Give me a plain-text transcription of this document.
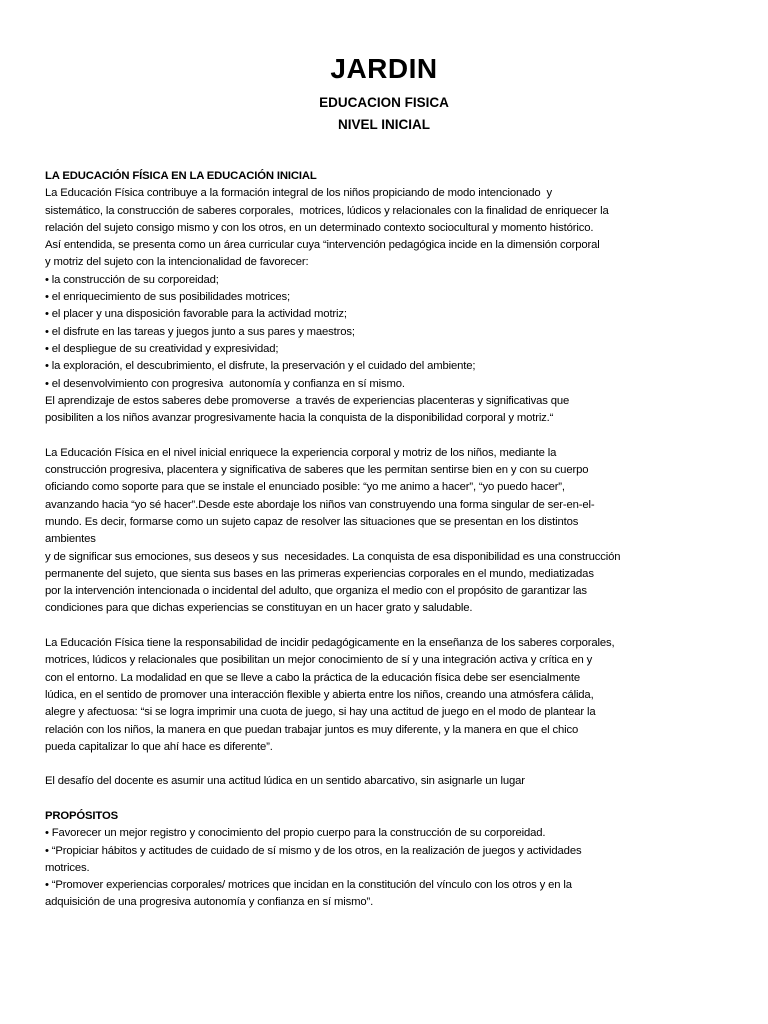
JARDIN
EDUCACION FISICA
NIVEL INICIAL
LA EDUCACIÓN FÍSICA EN LA EDUCACIÓN INICIAL
La Educación Física contribuye a la formación integral de los niños propiciando de modo intencionado  y
sistemático, la construcción de saberes corporales,  motrices, lúdicos y relacionales con la finalidad de enriquecer la
relación del sujeto consigo mismo y con los otros, en un determinado contexto sociocultural y momento histórico.
Así entendida, se presenta como un área curricular cuya “intervención pedagógica incide en la dimensión corporal
y motriz del sujeto con la intencionalidad de favorecer:
• la construcción de su corporeidad;
• el enriquecimiento de sus posibilidades motrices;
• el placer y una disposición favorable para la actividad motriz;
• el disfrute en las tareas y juegos junto a sus pares y maestros;
• el despliegue de su creatividad y expresividad;
• la exploración, el descubrimiento, el disfrute, la preservación y el cuidado del ambiente;
• el desenvolvimiento con progresiva  autonomía y confianza en sí mismo.
El aprendizaje de estos saberes debe promoverse  a través de experiencias placenteras y significativas que
posibiliten a los niños avanzar progresivamente hacia la conquista de la disponibilidad corporal y motriz.“
La Educación Física en el nivel inicial enriquece la experiencia corporal y motriz de los niños, mediante la
construcción progresiva, placentera y significativa de saberes que les permitan sentirse bien en y con su cuerpo
oficiando como soporte para que se instale el enunciado posible: “yo me animo a hacer”, “yo puedo hacer”,
avanzando hacia “yo sé hacer”.Desde este abordaje los niños van construyendo una forma singular de ser-en-el-
mundo. Es decir, formarse como un sujeto capaz de resolver las situaciones que se presentan en los distintos
ambientes
y de significar sus emociones, sus deseos y sus  necesidades. La conquista de esa disponibilidad es una construcción
permanente del sujeto, que sienta sus bases en las primeras experiencias corporales en el mundo, mediatizadas
por la intervención intencionada o incidental del adulto, que organiza el medio con el propósito de garantizar las
condiciones para que dichas experiencias se constituyan en un hacer grato y saludable.
La Educación Física tiene la responsabilidad de incidir pedagógicamente en la enseñanza de los saberes corporales,
motrices, lúdicos y relacionales que posibilitan un mejor conocimiento de sí y una integración activa y crítica en y
con el entorno. La modalidad en que se lleve a cabo la práctica de la educación física debe ser esencialmente
lúdica, en el sentido de promover una interacción flexible y abierta entre los niños, creando una atmósfera cálida,
alegre y afectuosa: “si se logra imprimir una cuota de juego, si hay una actitud de juego en el modo de plantear la
relación con los niños, la manera en que puedan trabajar juntos es muy diferente, y la manera en que el chico
pueda capitalizar lo que ahí hace es diferente”.
El desafío del docente es asumir una actitud lúdica en un sentido abarcativo, sin asignarle un lugar
PROPÓSITOS
• Favorecer un mejor registro y conocimiento del propio cuerpo para la construcción de su corporeidad.
• “Propiciar hábitos y actitudes de cuidado de sí mismo y de los otros, en la realización de juegos y actividades
motrices.
• “Promover experiencias corporales/ motrices que incidan en la constitución del vínculo con los otros y en la
adquisición de una progresiva autonomía y confianza en sí mismo”.
